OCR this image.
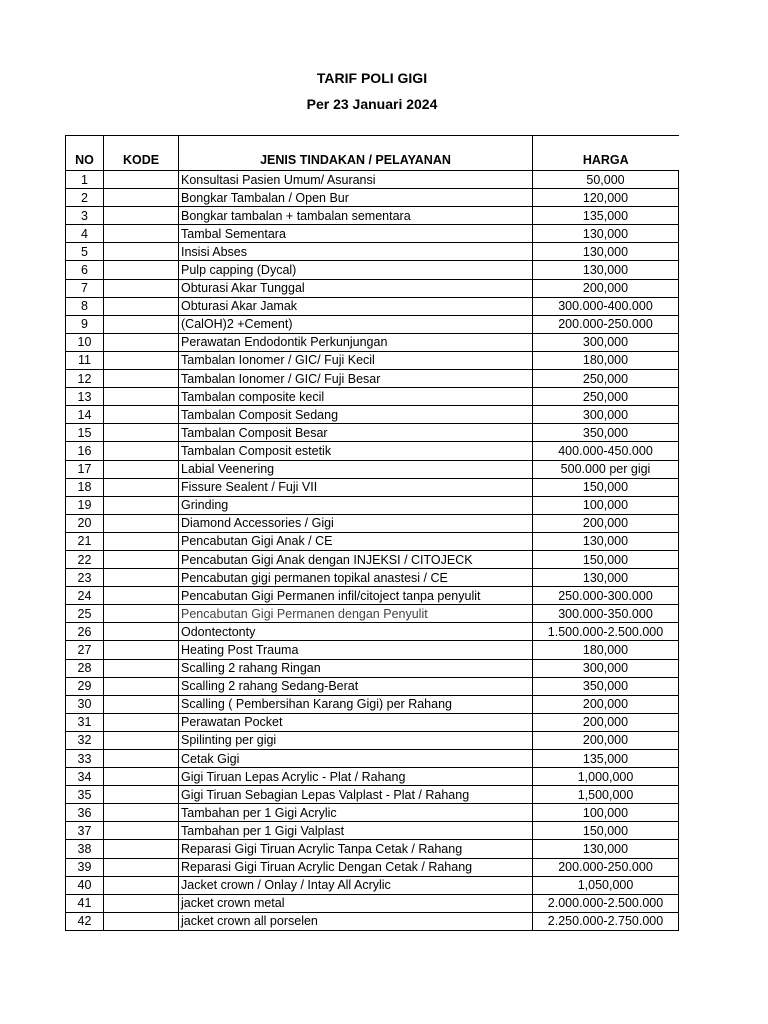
TARIF POLI GIGI
Per 23 Januari 2024
NO	KODE	JENIS TINDAKAN / PELAYANAN	HARGA
1		Konsultasi Pasien Umum/ Asuransi	50,000
2		Bongkar Tambalan / Open Bur	120,000
3		Bongkar tambalan + tambalan sementara	135,000
4		Tambal Sementara	130,000
5		Insisi Abses	130,000
6		Pulp capping (Dycal)	130,000
7		Obturasi Akar Tunggal	200,000
8		Obturasi Akar Jamak	300.000-400.000
9		(CalOH)2 +Cement)	200.000-250.000
10		Perawatan Endodontik Perkunjungan	300,000
11		Tambalan Ionomer / GIC/ Fuji Kecil	180,000
12		Tambalan Ionomer / GIC/ Fuji Besar	250,000
13		Tambalan composite kecil	250,000
14		Tambalan Composit Sedang	300,000
15		Tambalan Composit Besar	350,000
16		Tambalan Composit estetik	400.000-450.000
17		Labial Veenering	500.000 per gigi
18		Fissure Sealent / Fuji VII	150,000
19		Grinding	100,000
20		Diamond Accessories / Gigi	200,000
21		Pencabutan Gigi Anak / CE	130,000
22		Pencabutan Gigi Anak dengan INJEKSI / CITOJECK	150,000
23		Pencabutan gigi permanen topikal anastesi / CE	130,000
24		Pencabutan Gigi Permanen infil/citoject tanpa penyulit	250.000-300.000
25		Pencabutan Gigi Permanen dengan Penyulit	300.000-350.000
26		Odontectonty	1.500.000-2.500.000
27		Heating Post Trauma	180,000
28		Scalling 2 rahang Ringan	300,000
29		Scalling 2 rahang Sedang-Berat	350,000
30		Scalling ( Pembersihan Karang Gigi) per Rahang	200,000
31		Perawatan Pocket	200,000
32		Spilinting per gigi	200,000
33		Cetak Gigi	135,000
34		Gigi Tiruan Lepas Acrylic - Plat / Rahang	1,000,000
35		Gigi Tiruan Sebagian Lepas Valplast - Plat / Rahang	1,500,000
36		Tambahan per 1 Gigi Acrylic	100,000
37		Tambahan per 1 Gigi Valplast	150,000
38		Reparasi Gigi Tiruan Acrylic Tanpa Cetak / Rahang	130,000
39		Reparasi Gigi Tiruan Acrylic Dengan Cetak / Rahang	200.000-250.000
40		Jacket crown / Onlay / Intay All Acrylic	1,050,000
41		jacket crown metal	2.000.000-2.500.000
42		jacket crown all porselen	2.250.000-2.750.000
